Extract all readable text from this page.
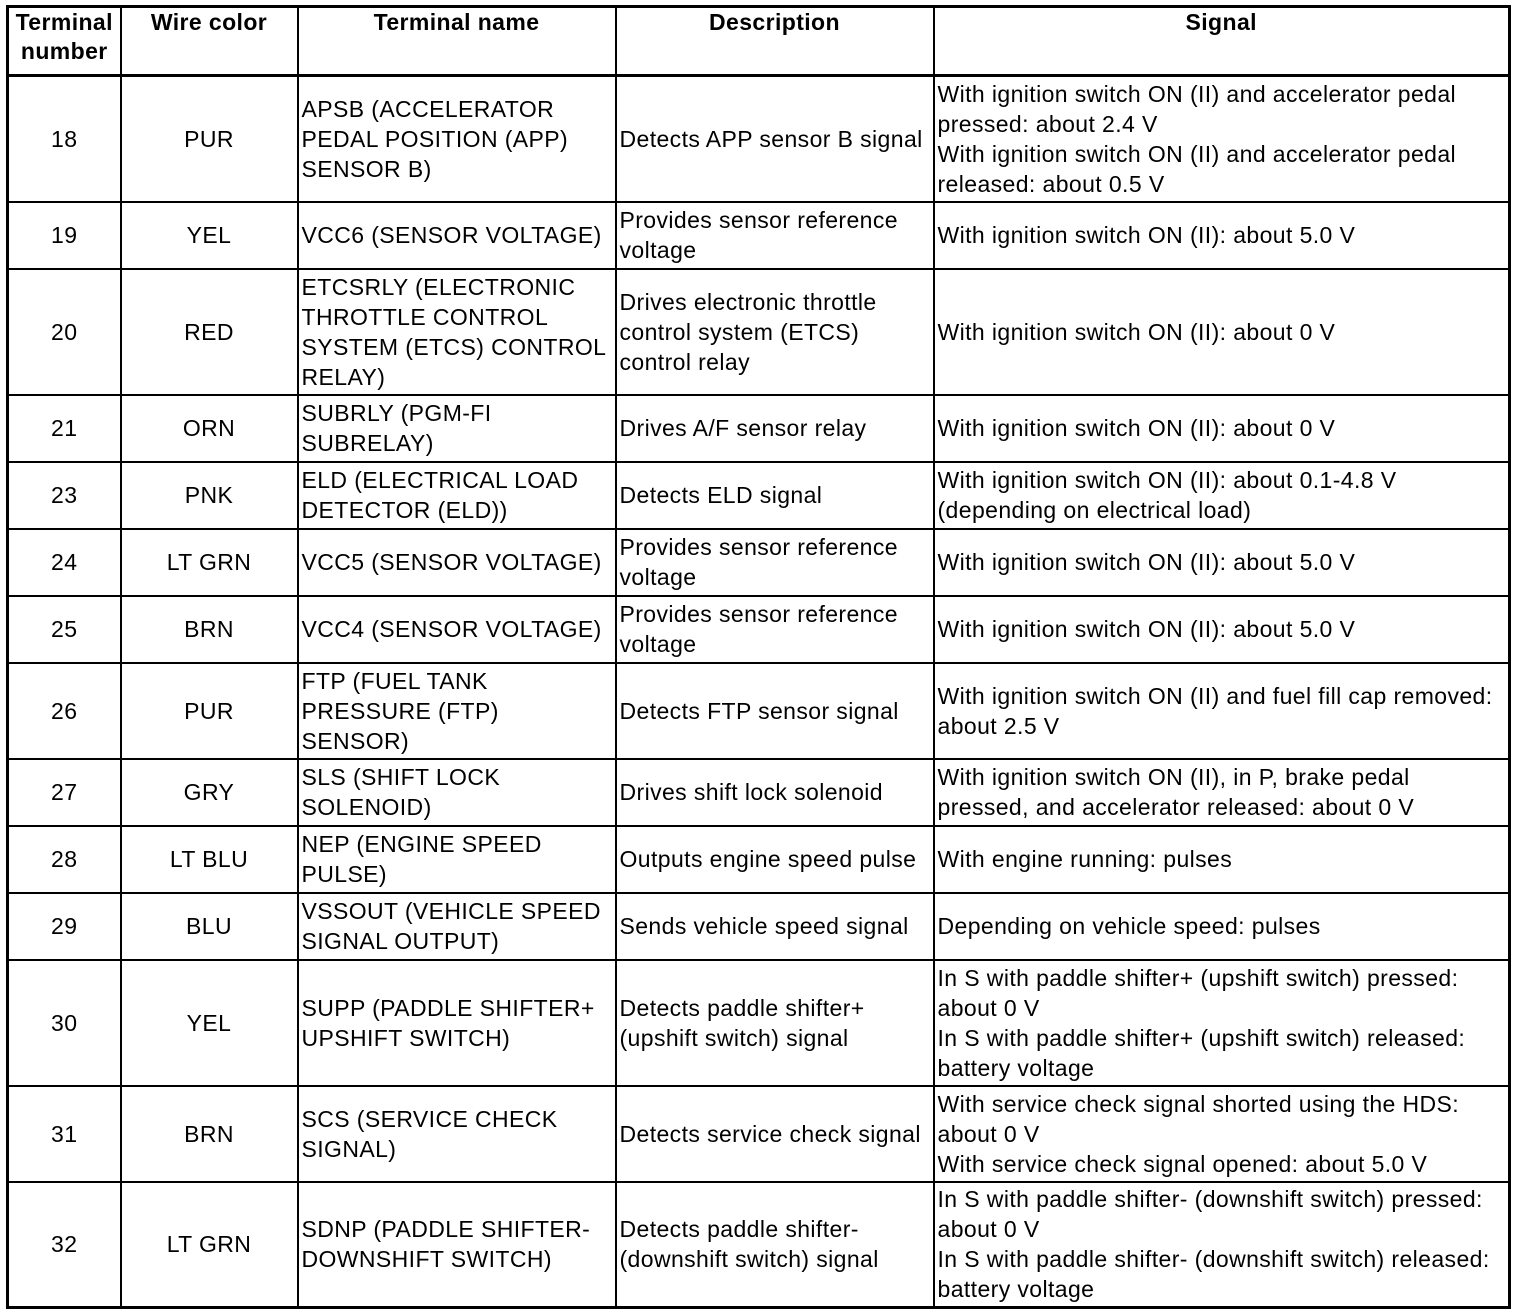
Terminal number	Wire color	Terminal name	Description	Signal
18	PUR	APSB (ACCELERATOR PEDAL POSITION (APP) SENSOR B)	Detects APP sensor B signal	With ignition switch ON (II) and accelerator pedal pressed: about 2.4 V
With ignition switch ON (II) and accelerator pedal released: about 0.5 V
19	YEL	VCC6 (SENSOR VOLTAGE)	Provides sensor reference voltage	With ignition switch ON (II): about 5.0 V
20	RED	ETCSRLY (ELECTRONIC THROTTLE CONTROL SYSTEM (ETCS) CONTROL RELAY)	Drives electronic throttle control system (ETCS) control relay	With ignition switch ON (II): about 0 V
21	ORN	SUBRLY (PGM-FI SUBRELAY)	Drives A/F sensor relay	With ignition switch ON (II): about 0 V
23	PNK	ELD (ELECTRICAL LOAD DETECTOR (ELD))	Detects ELD signal	With ignition switch ON (II): about 0.1-4.8 V (depending on electrical load)
24	LT GRN	VCC5 (SENSOR VOLTAGE)	Provides sensor reference voltage	With ignition switch ON (II): about 5.0 V
25	BRN	VCC4 (SENSOR VOLTAGE)	Provides sensor reference voltage	With ignition switch ON (II): about 5.0 V
26	PUR	FTP (FUEL TANK PRESSURE (FTP) SENSOR)	Detects FTP sensor signal	With ignition switch ON (II) and fuel fill cap removed: about 2.5 V
27	GRY	SLS (SHIFT LOCK SOLENOID)	Drives shift lock solenoid	With ignition switch ON (II), in P, brake pedal pressed, and accelerator released: about 0 V
28	LT BLU	NEP (ENGINE SPEED PULSE)	Outputs engine speed pulse	With engine running: pulses
29	BLU	VSSOUT (VEHICLE SPEED SIGNAL OUTPUT)	Sends vehicle speed signal	Depending on vehicle speed: pulses
30	YEL	SUPP (PADDLE SHIFTER+ UPSHIFT SWITCH)	Detects paddle shifter+ (upshift switch) signal	In S with paddle shifter+ (upshift switch) pressed: about 0 V
In S with paddle shifter+ (upshift switch) released: battery voltage
31	BRN	SCS (SERVICE CHECK SIGNAL)	Detects service check signal	With service check signal shorted using the HDS: about 0 V
With service check signal opened: about 5.0 V
32	LT GRN	SDNP (PADDLE SHIFTER- DOWNSHIFT SWITCH)	Detects paddle shifter- (downshift switch) signal	In S with paddle shifter- (downshift switch) pressed: about 0 V
In S with paddle shifter- (downshift switch) released: battery voltage
